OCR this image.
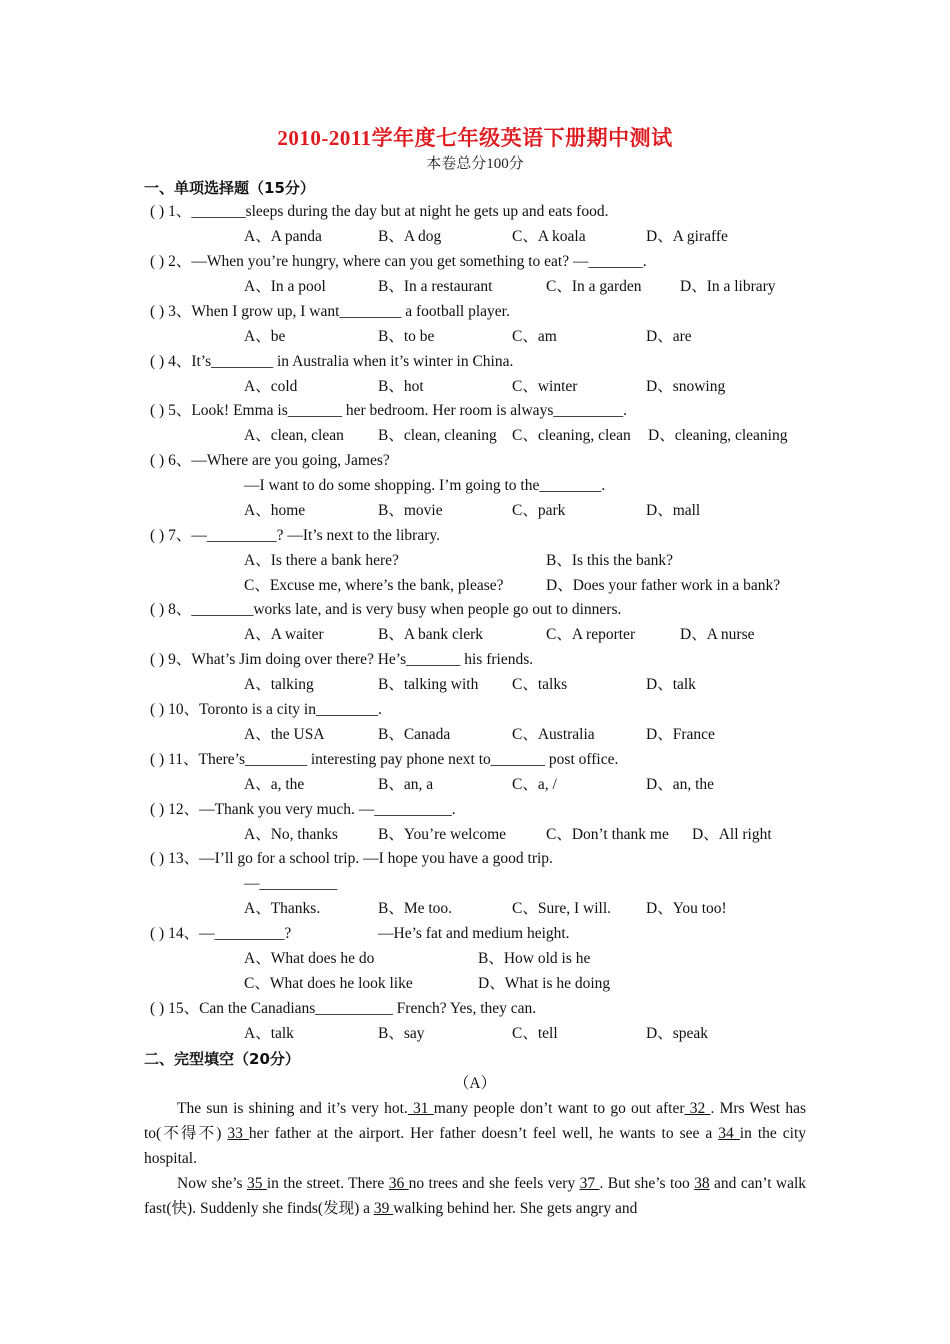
2010-2011学年度七年级英语下册期中测试
本卷总分100分
一、单项选择题（15分）
( ) 1、_______sleeps during the day but at night he gets up and eats food.
A、A panda	B、A dog	C、A koala	D、A giraffe
( ) 2、—When you’re hungry, where can you get something to eat? —_______.
A、In a pool	B、In a restaurant	C、In a garden D、In a library
( ) 3、When I grow up, I want________ a football player.
A、be	B、to be	C、am	D、are
( ) 4、It’s________ in Australia when it’s winter in China.
A、cold	B、hot	C、winter	D、snowing
( ) 5、Look! Emma is_______ her bedroom. Her room is always_________.
A、clean, clean B、clean, cleaning C、cleaning, clean D、cleaning, cleaning
( ) 6、—Where are you going, James?
—I want to do some shopping. I’m going to the________.
A、home	B、movie	C、park	D、mall
( ) 7、—_________? —It’s next to the library.
A、Is there a bank here?	B、Is this the bank?
C、Excuse me, where’s the bank, please?	D、Does your father work in a bank?
( ) 8、________works late, and is very busy when people go out to dinners.
A、A waiter	B、A bank clerk	C、A reporter	D、A nurse
( ) 9、What’s Jim doing over there? He’s_______ his friends.
A、talking	B、talking with C、talks	D、talk
( ) 10、Toronto is a city in________.
A、the USA	B、Canada	C、Australia	D、France
( ) 11、There’s________ interesting pay phone next to_______ post office.
A、a, the	B、an, a	C、a, /	D、an, the
( ) 12、—Thank you very much. —__________.
A、No, thanks	B、You’re welcome	C、Don’t thank me D、All right
( ) 13、—I’ll go for a school trip. —I hope you have a good trip.
—__________
A、Thanks.	B、Me too.	C、Sure, I will. D、You too!
( ) 14、—_________?	—He’s fat and medium height.
A、What does he do	B、How old is he
C、What does he look like	D、What is he doing
( ) 15、Can the Canadians__________ French? Yes, they can.
A、talk	B、say	C、tell	D、speak
二、完型填空（20分）
（A）

The sun is shining and it’s very hot. 31 many people don’t want to go out after 32 . Mrs West has to(不得不) 33 her father at the airport. Her father doesn’t feel well, he wants to see a 34 in the city hospital.

Now she’s 35 in the street. There 36 no trees and she feels very 37 . But she’s too 38 and can’t walk fast(快). Suddenly she finds(发现) a 39 walking behind her. She gets angry and
